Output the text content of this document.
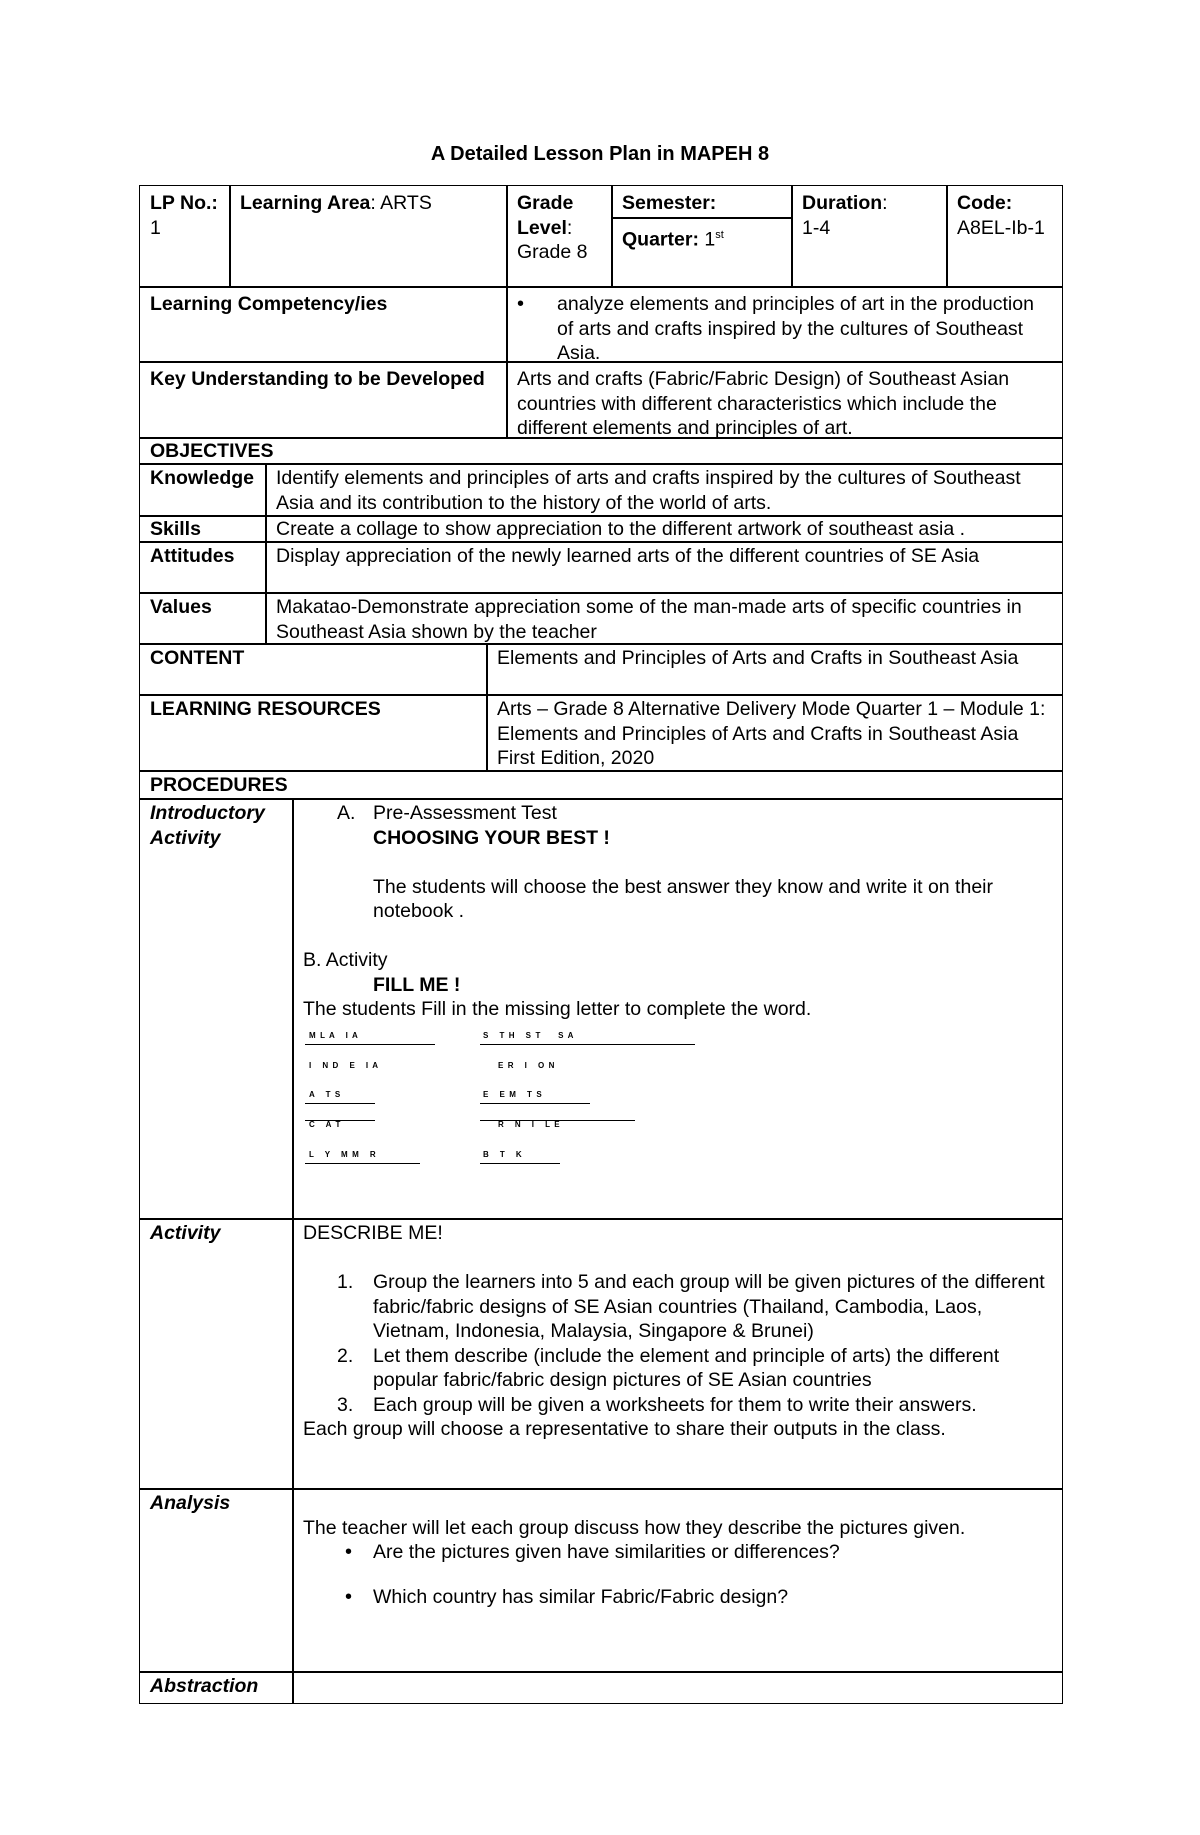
A Detailed Lesson Plan in MAPEH 8
LP No.: 1
Learning Area: ARTS	Grade Level:
Grade 8
Semester:
Quarter: 1st
Duration:
1-4
Code:
A8EL-Ib-1
Learning Competency/ies
•	analyze elements and principles of art in the production of arts and crafts inspired by the cultures of Southeast Asia.
Key Understanding to be Developed	Arts and crafts (Fabric/Fabric Design) of Southeast Asian countries with different characteristics which include the different elements and principles of art.
OBJECTIVES
Knowledge	Identify elements and principles of arts and crafts inspired by the cultures of Southeast Asia and its contribution to the history of the world of arts.
Skills	Create a collage to show appreciation to the different artwork of southeast asia .
Attitudes	Display appreciation of the newly learned arts of the different countries of SE Asia
Values	Makatao-Demonstrate appreciation some of the man-made arts of specific countries in Southeast Asia shown by the teacher
CONTENT	Elements and Principles of Arts and Crafts in Southeast Asia
LEARNING RESOURCES	Arts – Grade 8 Alternative Delivery Mode Quarter 1 – Module 1: Elements and Principles of Arts and Crafts in Southeast Asia First Edition, 2020
PROCEDURES
Introductory Activity
A. Pre-Assessment Test
CHOOSING YOUR BEST !
The students will choose the best answer they know and write it on their notebook .
B. Activity
FILL ME !
The students Fill in the missing letter to complete the word.
M  L  A     I  A	S     T  H     S  T        S  A
I     N  D     E     I  A	E  R     I     O  N
A     T  S	E     E  M     T  S
C     A  T	R     N     I     L  E
L     Y     M  M     R	B     T     K
Activity	DESCRIBE ME!
1. Group the learners into 5 and each group will be given pictures of the different fabric/fabric designs of SE Asian countries (Thailand, Cambodia, Laos, Vietnam, Indonesia, Malaysia, Singapore & Brunei)
2. Let them describe (include the element and principle of arts) the different popular fabric/fabric design pictures of SE Asian countries
3. Each group will be given a worksheets for them to write their answers.
Each group will choose a representative to share their outputs in the class.
Analysis
The teacher will let each group discuss how they describe the pictures given.
• Are the pictures given have similarities or differences?
• Which country has similar Fabric/Fabric design?
Abstraction
